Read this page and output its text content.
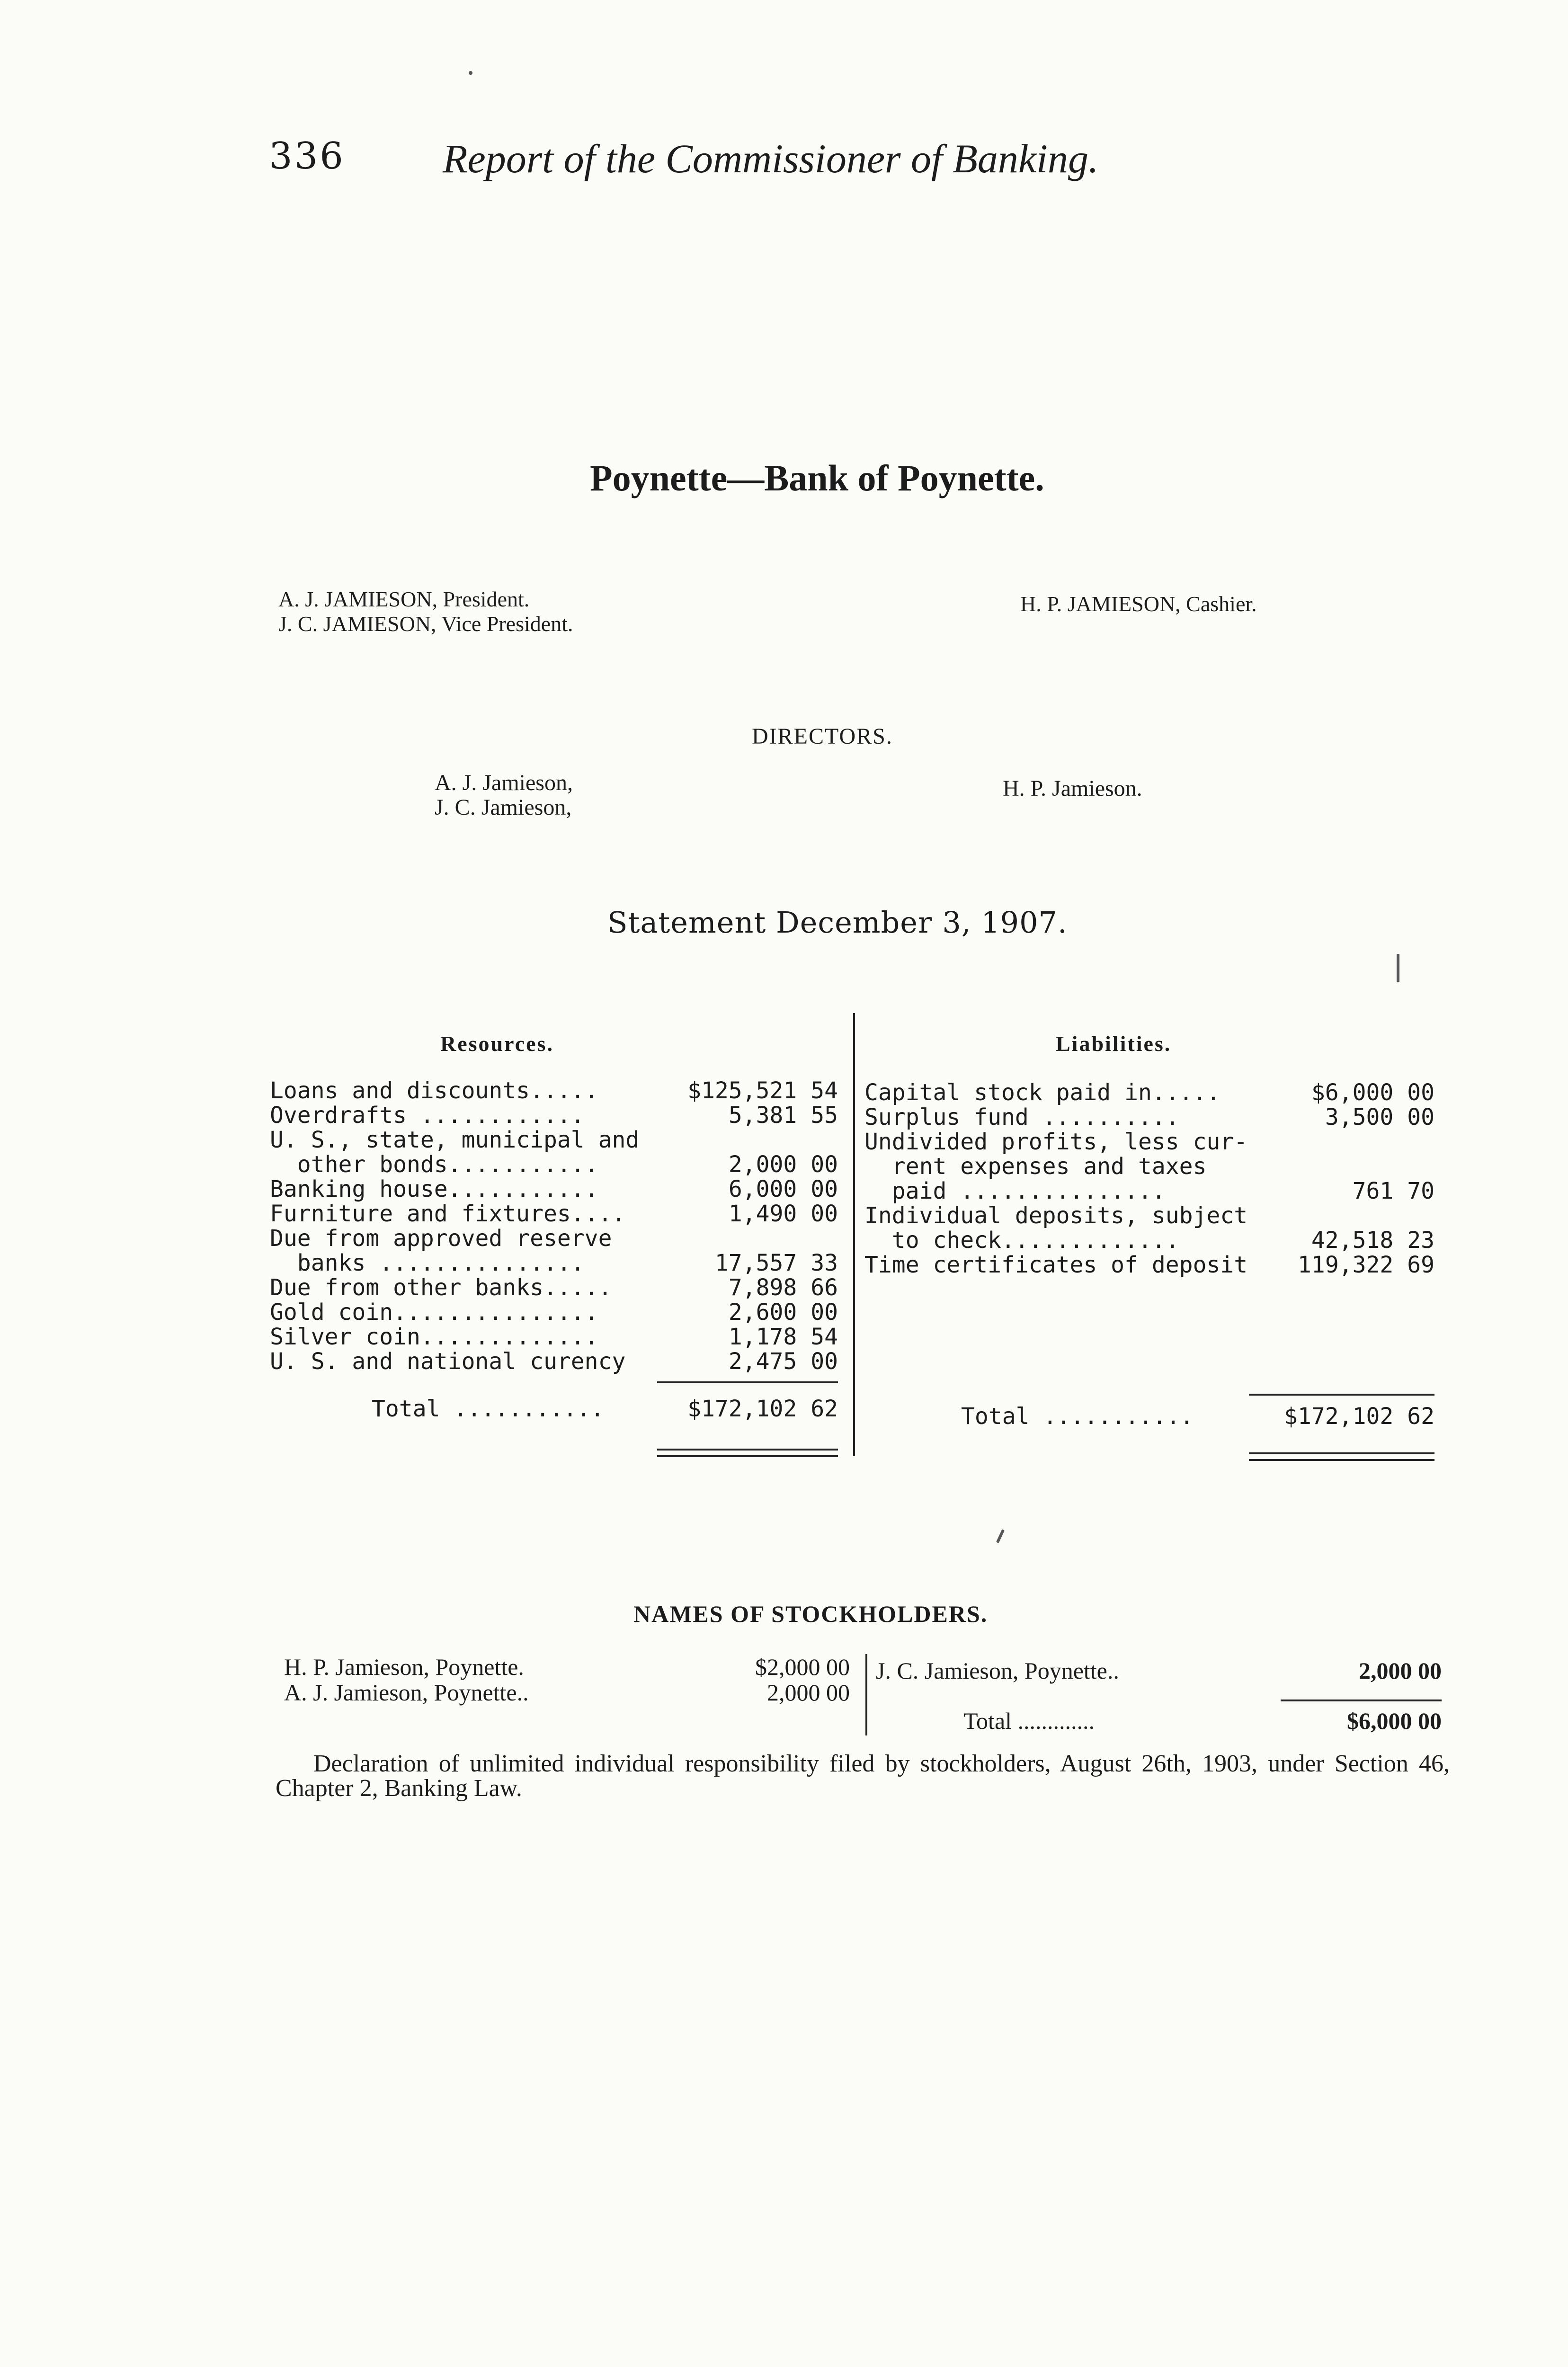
336 Report of the Commissioner of Banking.
Poynette—Bank of Poynette.
A. J. JAMIESON, President.
J. C. JAMIESON, Vice President.
H. P. JAMIESON, Cashier.
DIRECTORS.
A. J. Jamieson,
J. C. Jamieson,
H. P. Jamieson.
Statement December 3, 1907.
Resources.	Liabilities.
Loans and discounts.....	$125,521 54
Overdrafts ............	5,381 55
U. S., state, municipal and
other bonds...........	2,000 00
Banking house...........	6,000 00
Furniture and fixtures....	1,490 00
Due from approved reserve
banks ...............	17,557 33
Due from other banks.....	7,898 66
Gold coin...............	2,600 00
Silver coin.............	1,178 54
U. S. and national curency	2,475 00
Total ...........	$172,102 62
Capital stock paid in.....	$6,000 00
Surplus fund ..........	3,500 00
Undivided profits, less cur-
rent expenses and taxes
paid ...............	761 70
Individual deposits, subject
to check.............	42,518 23
Time certificates of deposit 119,322 69
Total ...........	$172,102 62
NAMES OF STOCKHOLDERS.
H. P. Jamieson, Poynette.	$2,000 00
A. J. Jamieson, Poynette..	2,000 00
J. C. Jamieson, Poynette..	2,000 00
Total .............	$6,000 00
Declaration of unlimited individual responsibility filed by stockholders, August 26th, 1903, under Section 46, Chapter 2, Banking Law.
